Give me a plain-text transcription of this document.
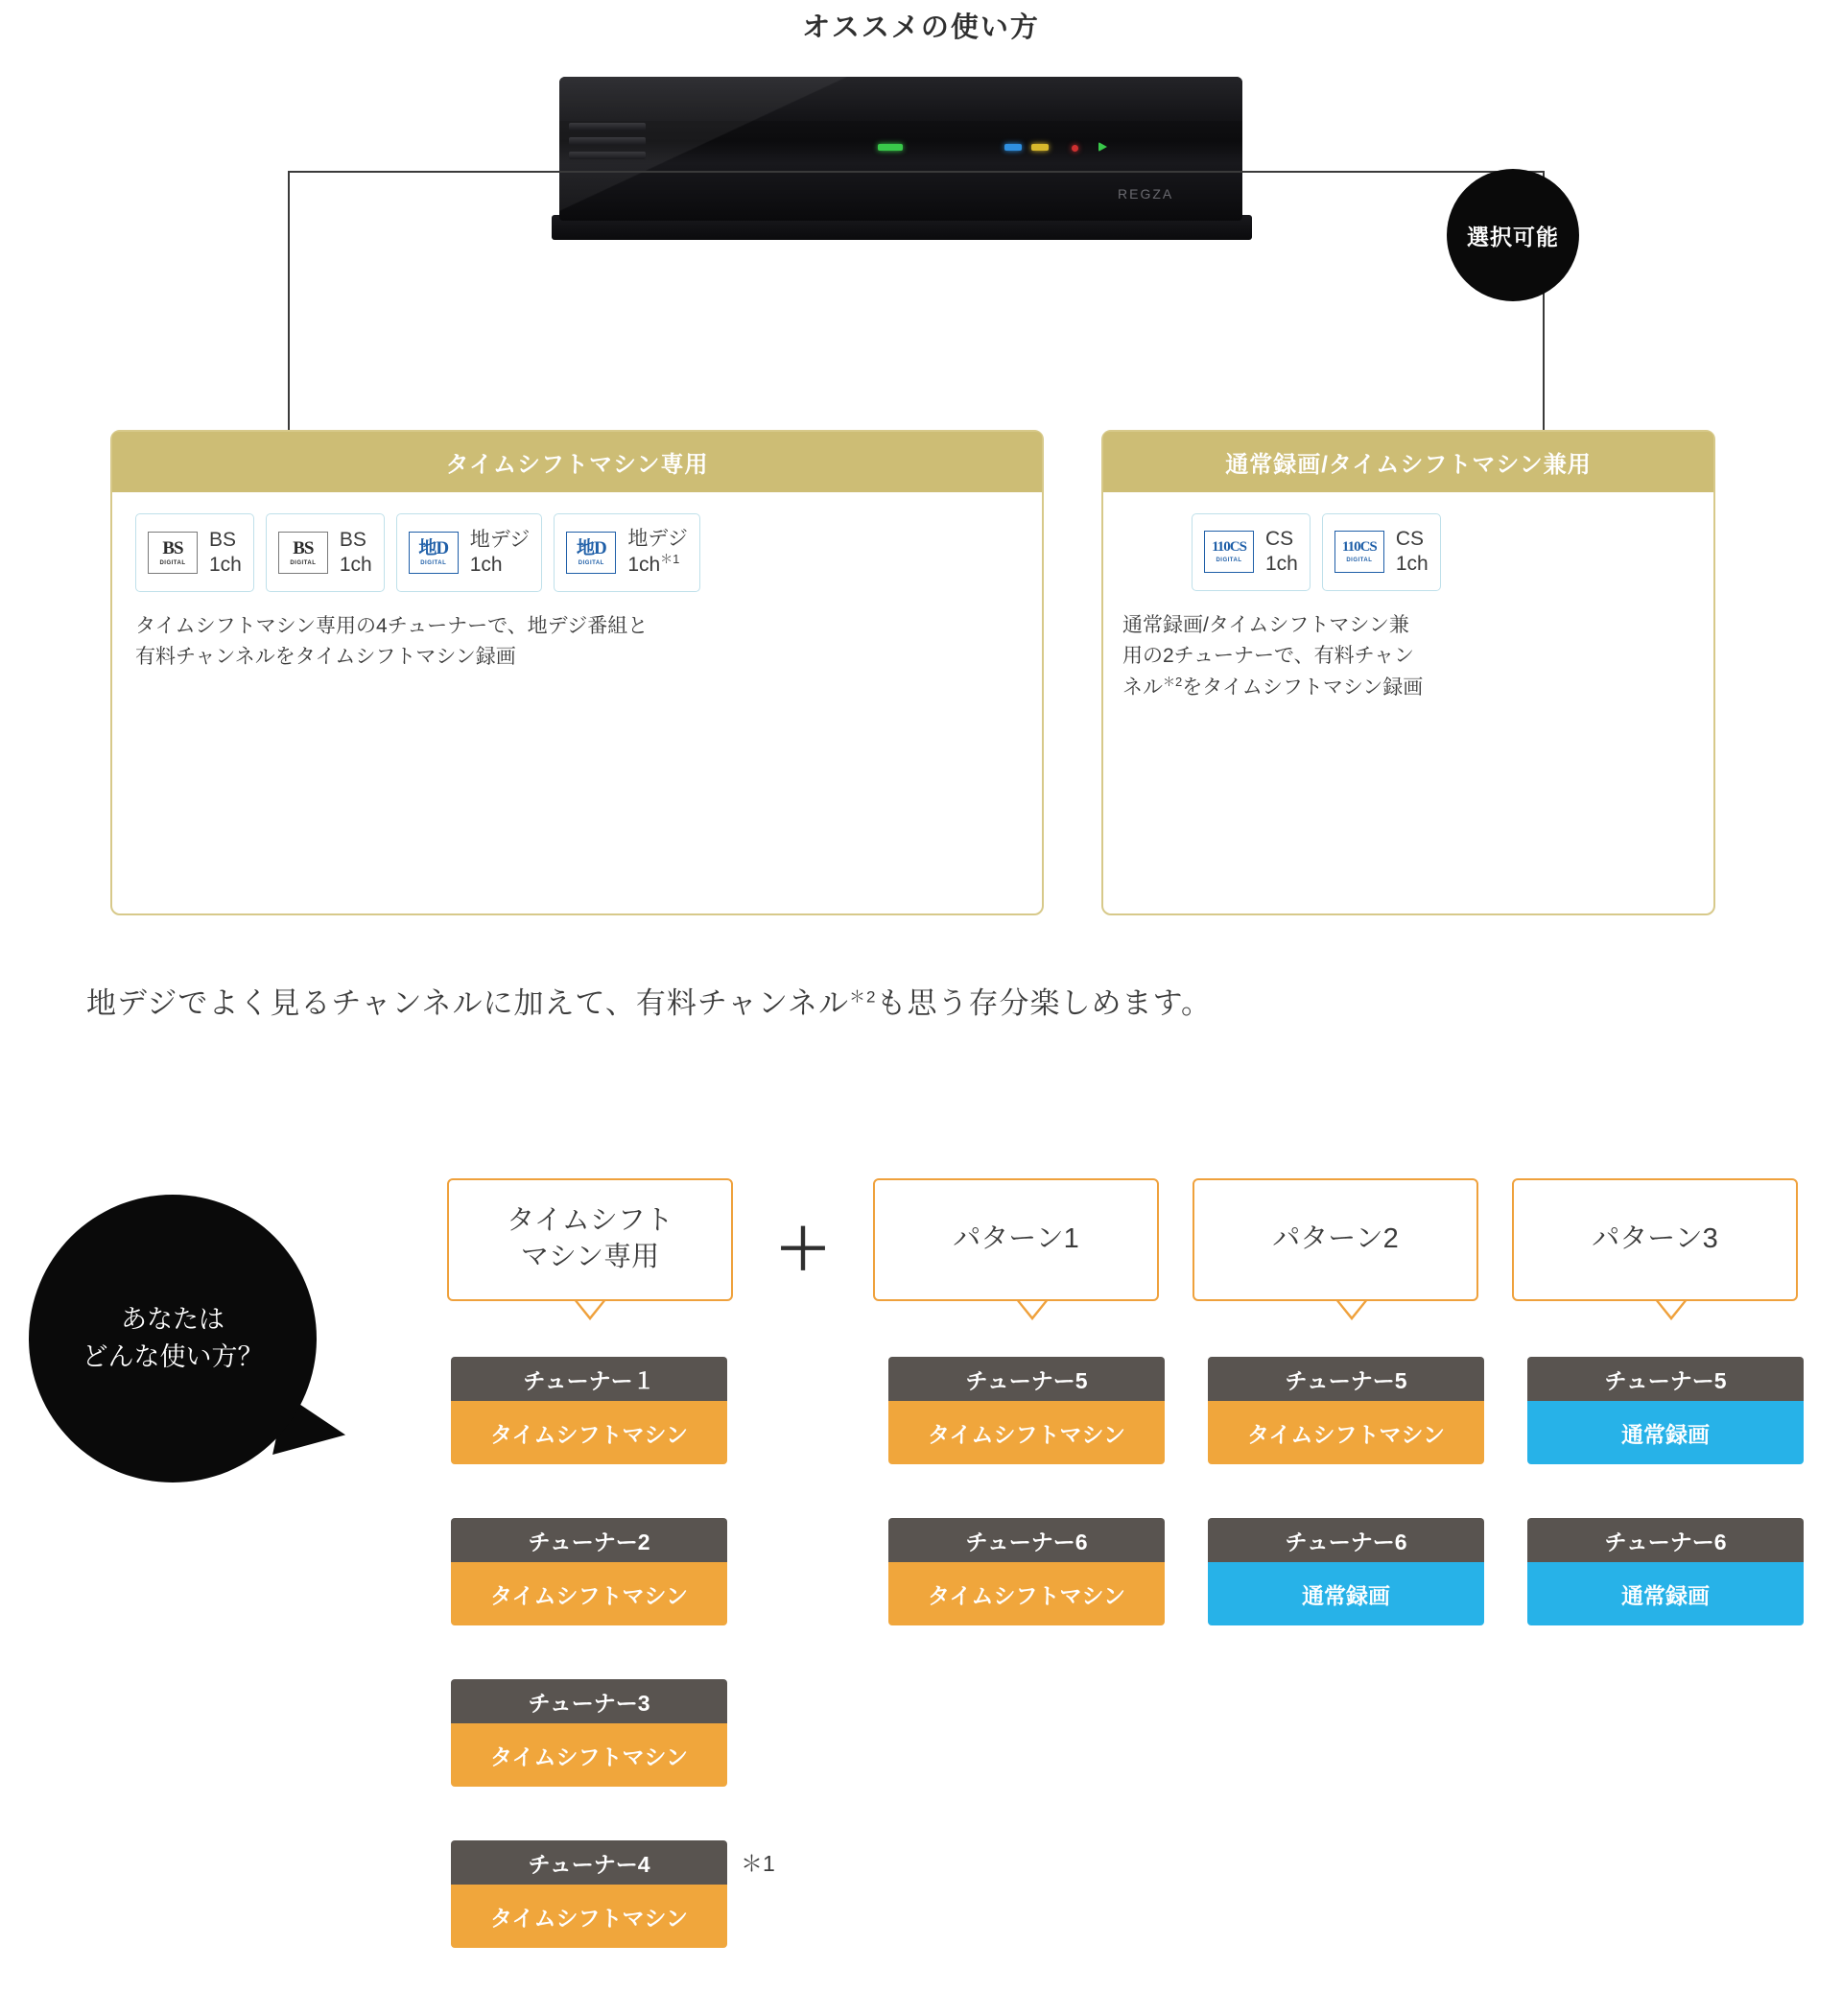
オススメの使い方
REGZA
選択可能
タイムシフトマシン専用
BS
DIGITAL
BS
1ch
BS
DIGITAL
BS
1ch
地D
DIGITAL
地デジ
1ch
地D
DIGITAL
地デジ
$1ch^{*1}$
タイムシフトマシン専用の4チューナーで、地デジ番組と
有料チャンネルをタイムシフトマシン録画
通常録画/タイムシフトマシン兼用
110CS
DIGITAL
CS
1ch
110CS
DIGITAL
CS
1ch
通常録画/タイムシフトマシン兼
用の2チューナーで、有料チャン
ネル$^{*2}$をタイムシフトマシン録画
地デジでよく見るチャンネルに加えて、有料チャンネル$^{*2}$も思う存分楽しめます。
あなたは
どんな使い方？
＋
タイムシフト
マシン専用
チューナー１
タイムシフトマシン
チューナー2
タイムシフトマシン
チューナー3
タイムシフトマシン
チューナー4
タイムシフトマシン
＊1
パターン1
チューナー5
タイムシフトマシン
チューナー6
タイムシフトマシン
パターン2
チューナー5
タイムシフトマシン
チューナー6
通常録画
パターン3
チューナー5
通常録画
チューナー6
通常録画
